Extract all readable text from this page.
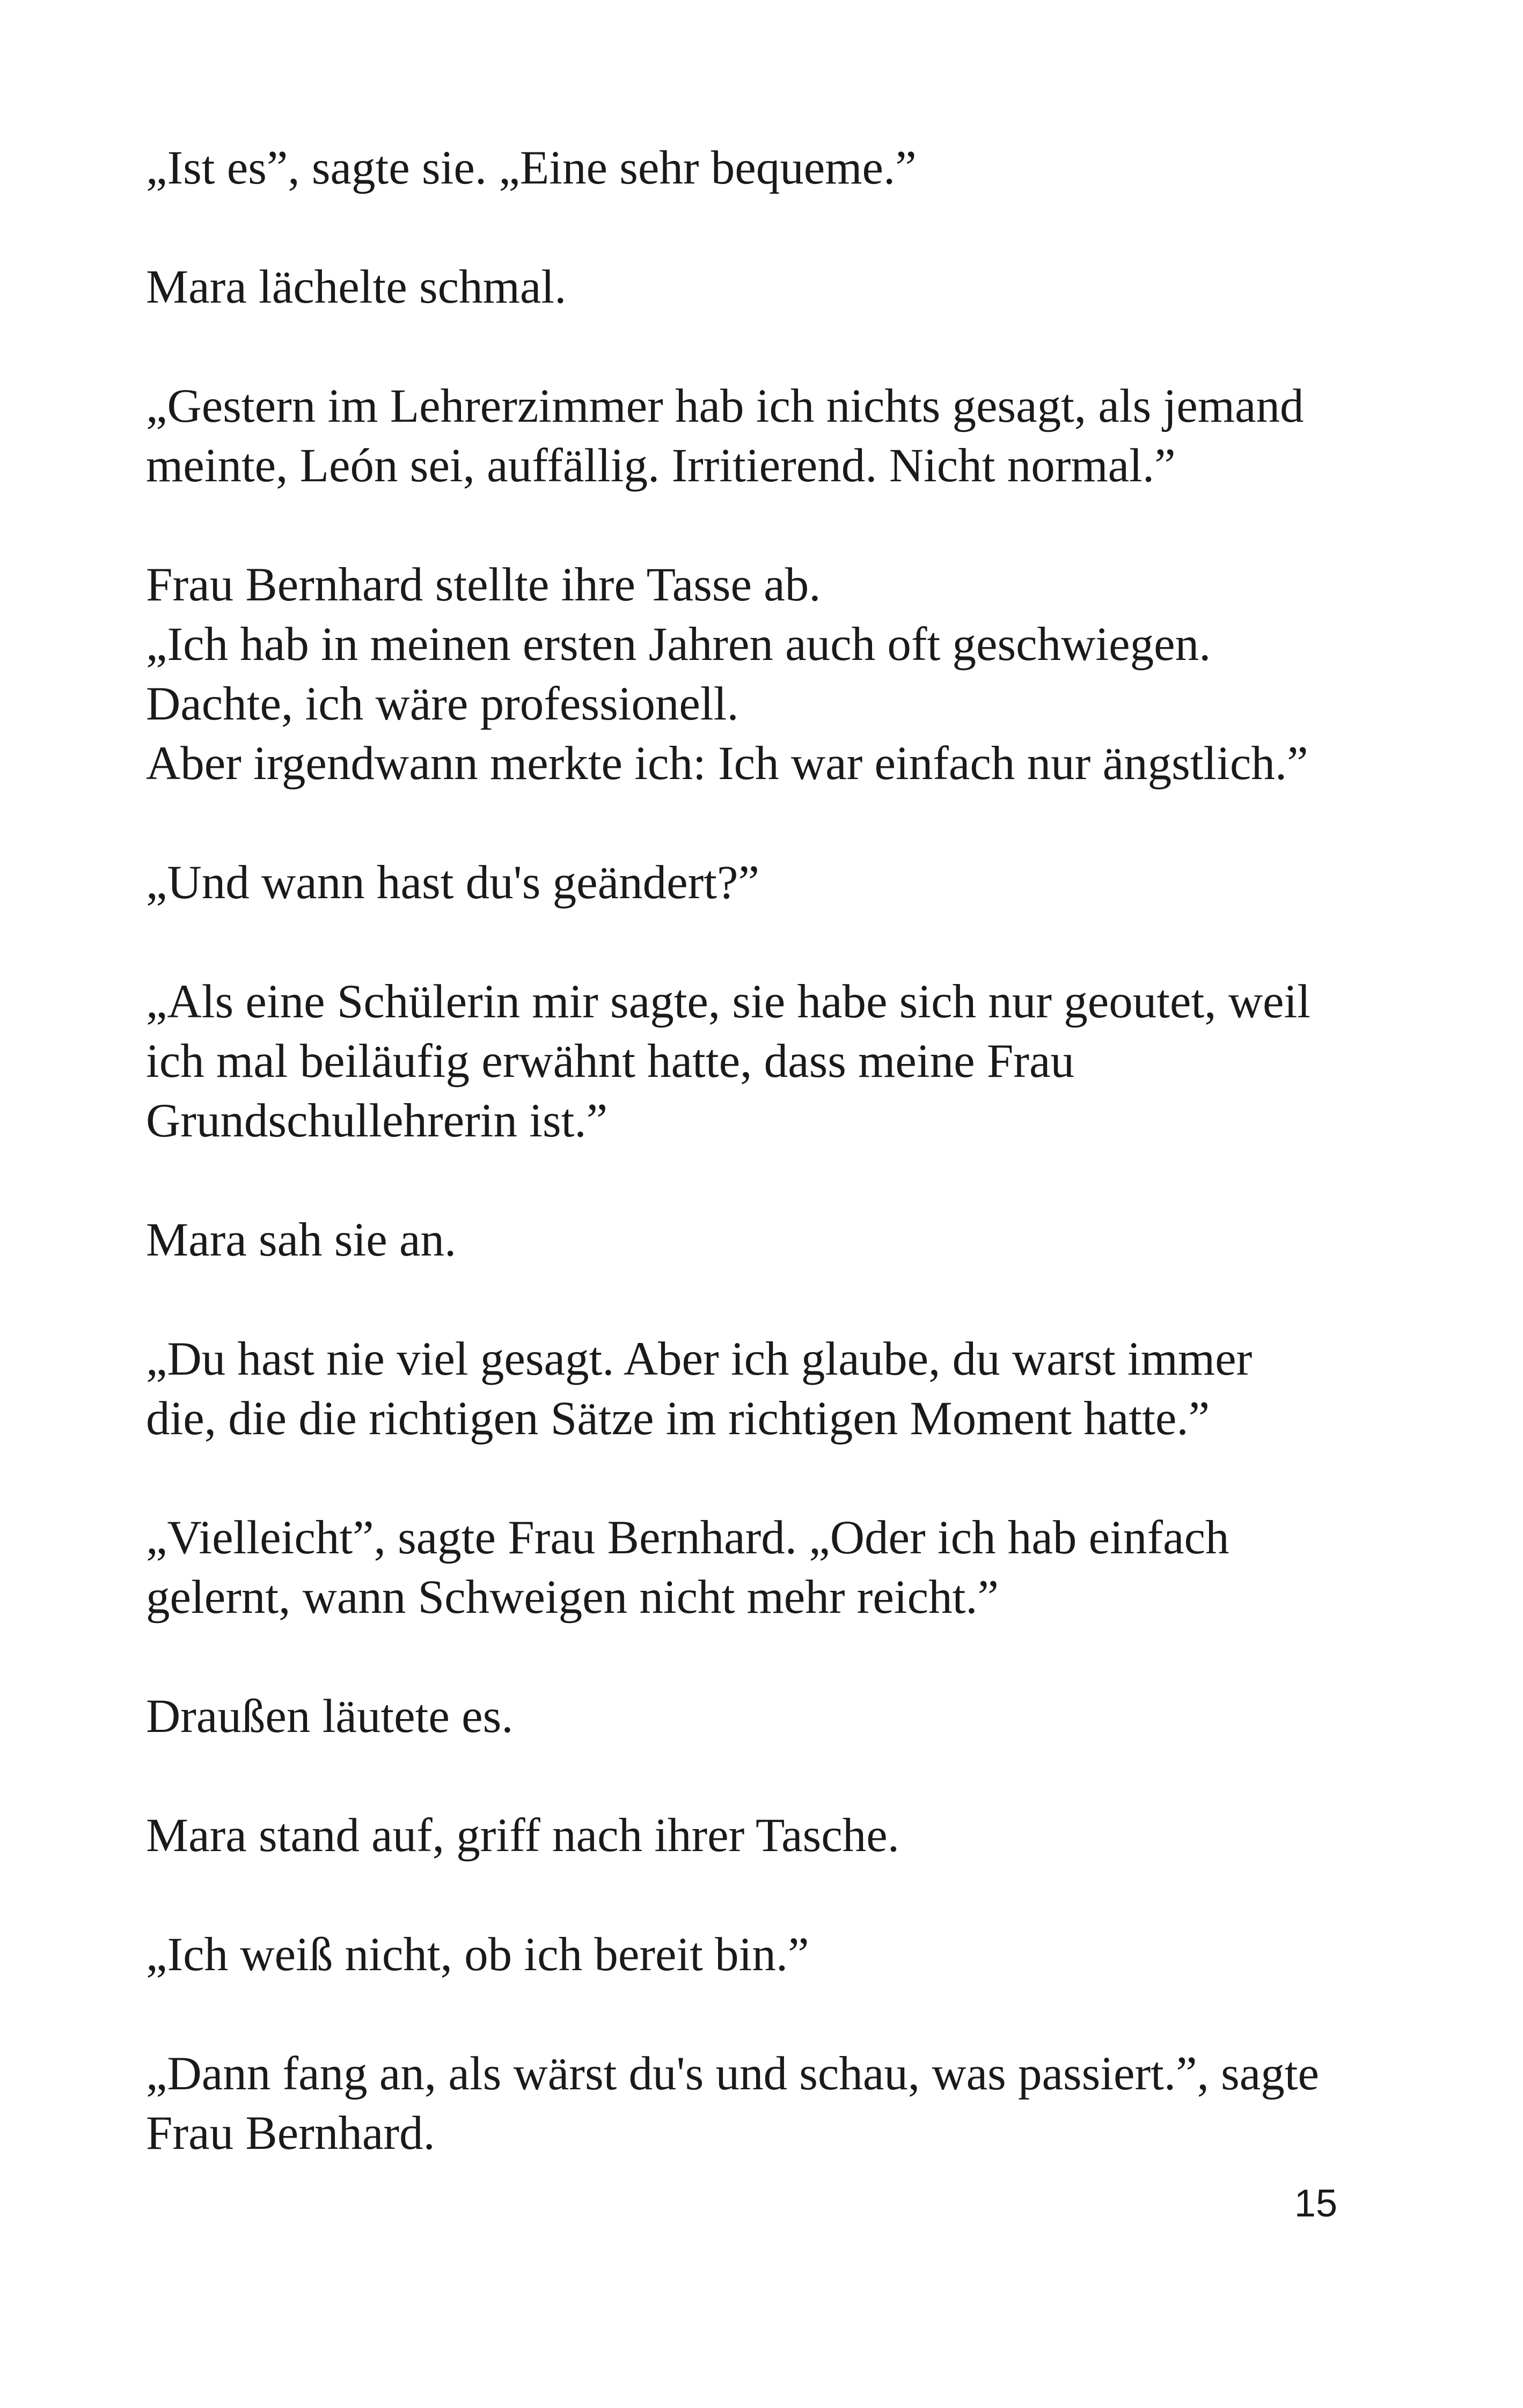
„Ist es”, sagte sie. „Eine sehr bequeme.”
Mara lächelte schmal.
„Gestern im Lehrerzimmer hab ich nichts gesagt, als jemand
meinte, León sei, auffällig. Irritierend. Nicht normal.”
Frau Bernhard stellte ihre Tasse ab.
„Ich hab in meinen ersten Jahren auch oft geschwiegen.
Dachte, ich wäre professionell.
Aber irgendwann merkte ich: Ich war einfach nur ängstlich.”
„Und wann hast du's geändert?”
„Als eine Schülerin mir sagte, sie habe sich nur geoutet, weil
ich mal beiläufig erwähnt hatte, dass meine Frau
Grundschullehrerin ist.”
Mara sah sie an.
„Du hast nie viel gesagt. Aber ich glaube, du warst immer
die, die die richtigen Sätze im richtigen Moment hatte.”
„Vielleicht”, sagte Frau Bernhard. „Oder ich hab einfach
gelernt, wann Schweigen nicht mehr reicht.”
Draußen läutete es.
Mara stand auf, griff nach ihrer Tasche.
„Ich weiß nicht, ob ich bereit bin.”
„Dann fang an, als wärst du's und schau, was passiert.”, sagte
Frau Bernhard.
15
